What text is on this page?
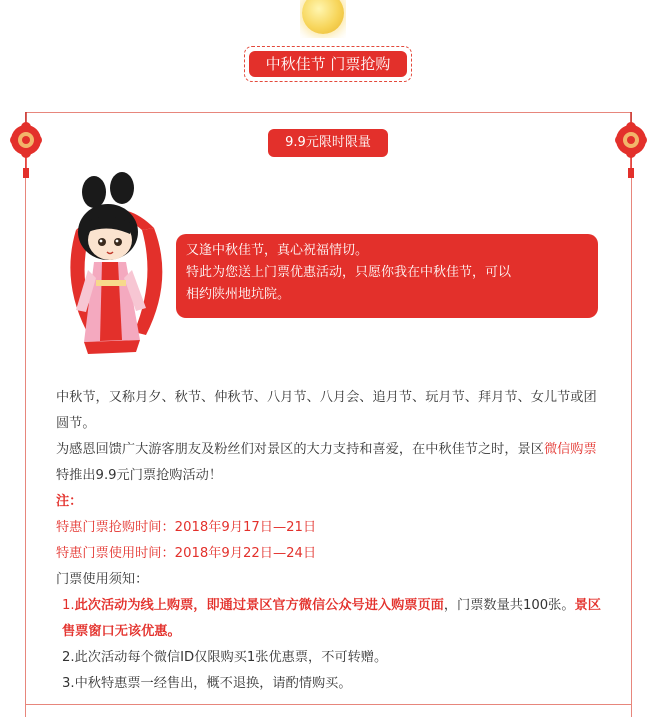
中秋佳节 门票抢购
9.9元限时限量

又逢中秋佳节，真心祝福情切。

特此为您送上门票优惠活动，只愿你我在中秋佳节，可以

相约陕州地坑院。

中秋节，又称月夕、秋节、仲秋节、八月节、八月会、追月节、玩月节、拜月节、女儿节或团圆节。

为感恩回馈广大游客朋友及粉丝们对景区的大力支持和喜爱，在中秋佳节之时，景区微信购票特推出9.9元门票抢购活动！

注：

特惠门票抢购时间：2018年9月17日—21日

特惠门票使用时间：2018年9月22日—24日

门票使用须知：

1.此次活动为线上购票，即通过景区官方微信公众号进入购票页面，门票数量共100张。景区售票窗口无该优惠。

2.此次活动每个微信ID仅限购买1张优惠票，不可转赠。

3.中秋特惠票一经售出，概不退换，请酌情购买。
